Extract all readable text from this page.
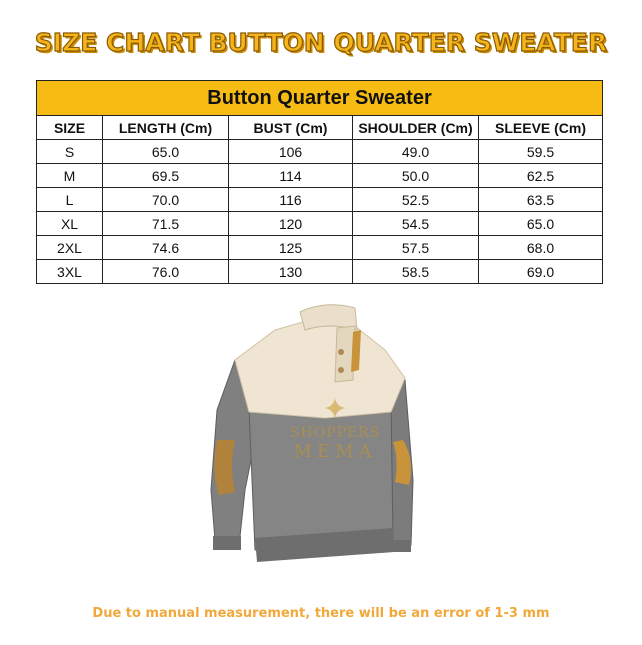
SIZE CHART BUTTON QUARTER SWEATER
Button Quarter Sweater				
SIZE	LENGTH (Cm)	BUST (Cm)	SHOULDER (Cm)	SLEEVE (Cm)
S	65.0	106	49.0	59.5
M	69.5	114	50.0	62.5
L	70.0	116	52.5	63.5
XL	71.5	120	54.5	65.0
2XL	74.6	125	57.5	68.0
3XL	76.0	130	58.5	69.0
✦
SHOPPERS
MEMA
Due to manual measurement, there will be an error of 1-3 mm
